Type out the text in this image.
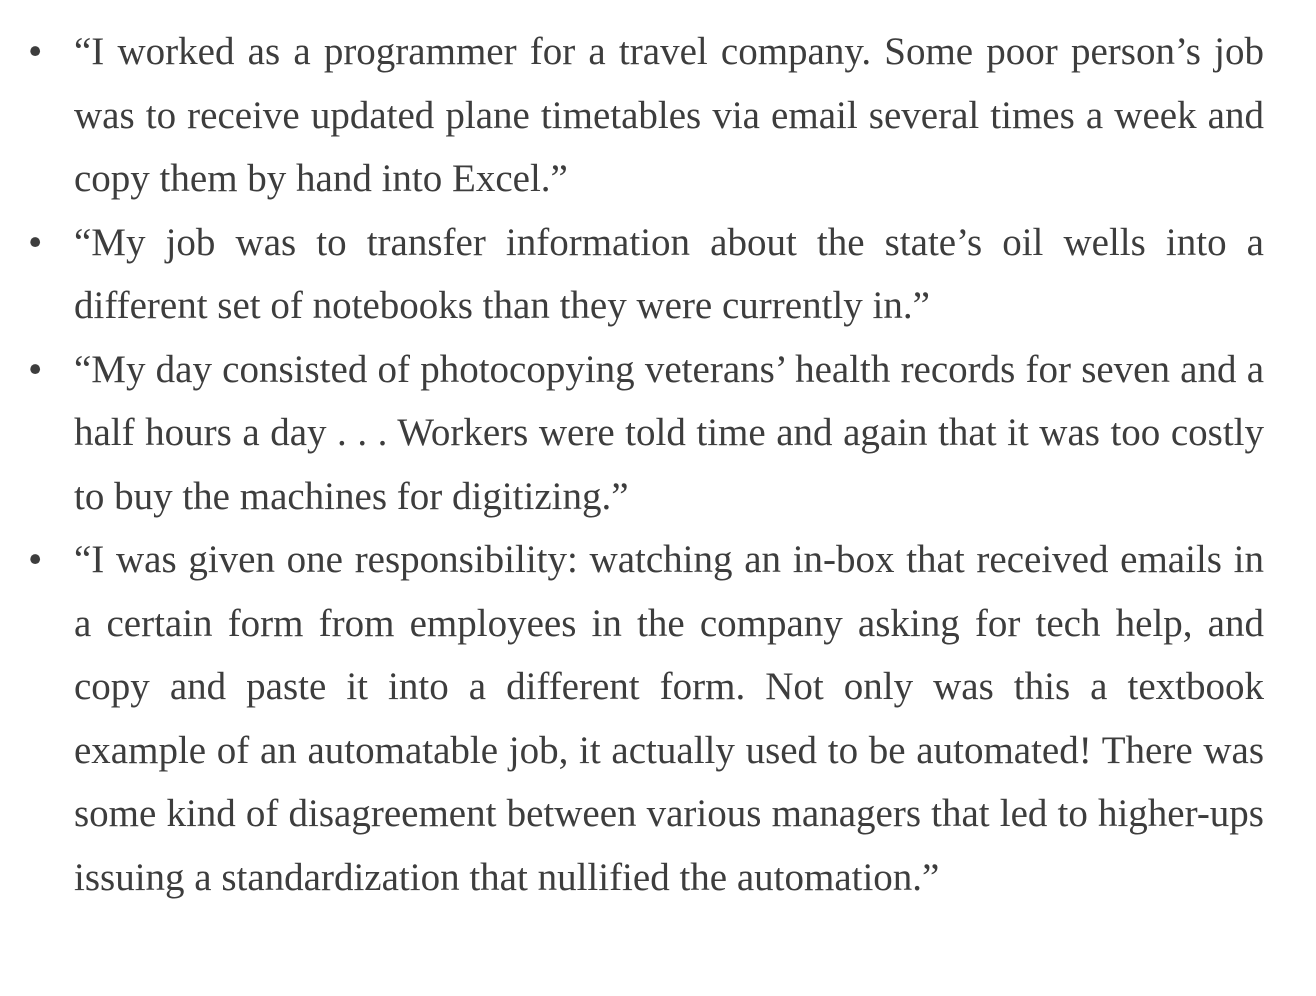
• “I worked as a programmer for a travel company. Some poor person’s job was to receive updated plane timetables via email several times a week and copy them by hand into Excel.”

• “My job was to transfer information about the state’s oil wells into a different set of notebooks than they were currently in.”

• “My day consisted of photocopying veterans’ health records for seven and a half hours a day . . . Workers were told time and again that it was too costly to buy the machines for digitizing.”

• “I was given one responsibility: watching an in-box that received emails in a certain form from employees in the company asking for tech help, and copy and paste it into a different form. Not only was this a textbook example of an automatable job, it actually used to be automated! There was some kind of disagreement between various managers that led to higher-ups issuing a standardization that nullified the automation.”
